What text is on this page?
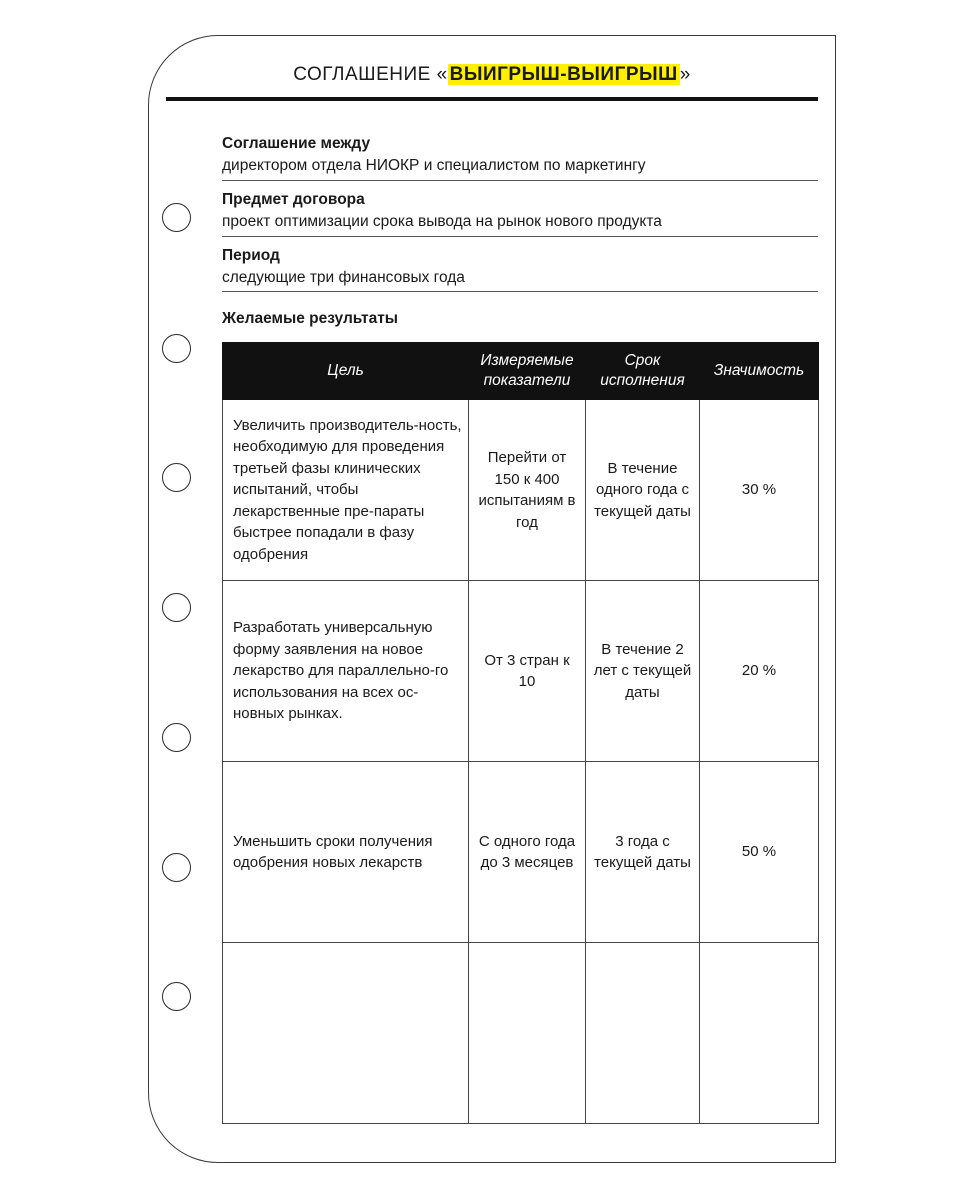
СОГЛАШЕНИЕ « ВЫИГРЫШ-ВЫИГРЫШ »
Соглашение между
директором отдела НИОКР и специалистом по маркетингу
Предмет договора
проект оптимизации срока вывода на рынок нового продукта
Период
следующие три финансовых года
Желаемые результаты
Цель	Измеряемые показатели	Срок исполнения	Значимость
Увеличить производитель-ность, необходимую для проведения третьей фазы клинических испытаний, чтобы лекарственные пре-параты быстрее попадали в фазу одобрения	Перейти от 150 к 400 испытаниям в год	В течение одного года с текущей даты	30 %
Разработать универсальную форму заявления на новое лекарство для параллельно-го использования на всех ос-новных рынках.	От 3 стран к 10	В течение 2 лет с текущей даты	20 %
Уменьшить сроки получения одобрения новых лекарств	С одного года до 3 месяцев	3 года с текущей даты	50 %
